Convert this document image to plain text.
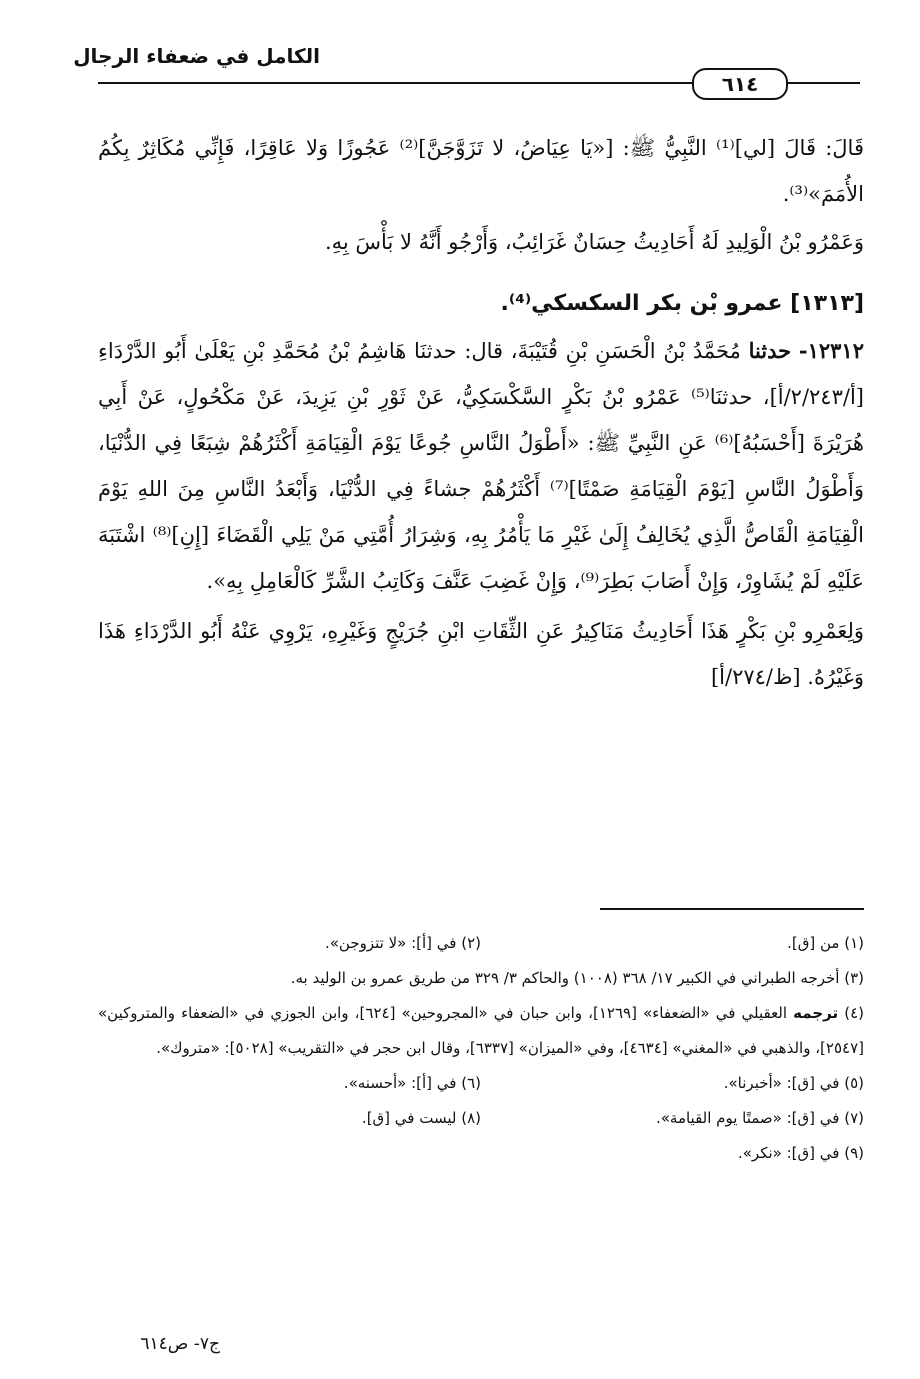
الكامل في ضعفاء الرجال
٦١٤

قَالَ: قَالَ [لي]⁽¹⁾ النَّبِيُّ ﷺ: [«يَا عِيَاضُ، لا تَزَوَّجَنَّ]⁽²⁾ عَجُوزًا وَلا عَاقِرًا، فَإِنِّي مُكَاثِرٌ بِكُمُ الأُمَمَ»⁽³⁾.

وَعَمْرُو بْنُ الْوَلِيدِ لَهُ أَحَادِيثُ حِسَانٌ غَرَائِبُ، وَأَرْجُو أَنَّهُ لا بَأْسَ بِهِ.

[١٣١٣] عمرو بْن بكر السكسكي⁽⁴⁾.

١٢٣١٢- حدثنا مُحَمَّدُ بْنُ الْحَسَنِ بْنِ قُتَيْبَةَ، قال: حدثنَا هَاشِمُ بْنُ مُحَمَّدِ بْنِ يَعْلَىٰ أَبُو الدَّرْدَاءِ [أ/٢/٢٤٣/أ]، حدثنَا⁽⁵⁾ عَمْرُو بْنُ بَكْرٍ السَّكْسَكِيُّ، عَنْ ثَوْرِ بْنِ يَزِيدَ، عَنْ مَكْحُولٍ، عَنْ أَبِي هُرَيْرَةَ [أَحْسَبُهُ]⁽⁶⁾ عَنِ النَّبِيِّ ﷺ: «أَطْوَلُ النَّاسِ جُوعًا يَوْمَ الْقِيَامَةِ أَكْثَرُهُمْ شِبَعًا فِي الدُّنْيَا، وَأَطْوَلُ النَّاسِ [يَوْمَ الْقِيَامَةِ صَمْتًا]⁽⁷⁾ أَكْثَرُهُمْ جشاءً فِي الدُّنْيَا، وَأَبْعَدُ النَّاسِ مِنَ اللهِ يَوْمَ الْقِيَامَةِ الْقَاصُّ الَّذِي يُخَالِفُ إِلَىٰ غَيْرِ مَا يَأْمُرُ بِهِ، وَشِرَارُ أُمَّتِي مَنْ يَلِي الْقَضَاءَ [إِنِ]⁽⁸⁾ اشْتَبَهَ عَلَيْهِ لَمْ يُشَاوِرْ، وَإِنْ أَصَابَ بَطِرَ⁽⁹⁾، وَإِنْ غَضِبَ عَنَّفَ وَكَاتِبُ الشَّرِّ كَالْعَامِلِ بِهِ».

وَلِعَمْرِو بْنِ بَكْرٍ هَذَا أَحَادِيثُ مَنَاكِيرُ عَنِ الثِّقَاتِ ابْنِ جُرَيْجٍ وَغَيْرِهِ، يَرْوِي عَنْهُ أَبُو الدَّرْدَاءِ هَذَا وَغَيْرُهُ. [ظ/٢٧٤/أ]

(١) من [ق].
(٢) في [أ]: «لا تتزوجن».
(٣) أخرجه الطبراني في الكبير ١٧/ ٣٦٨ (١٠٠٨) والحاكم ٣/ ٣٢٩ من طريق عمرو بن الوليد به.
(٤) ترجمه العقيلي في «الضعفاء» [١٢٦٩]، وابن حبان في «المجروحين» [٦٢٤]، وابن الجوزي في «الضعفاء والمتروكين» [٢٥٤٧]، والذهبي في «المغني» [٤٦٣٤]، وفي «الميزان» [٦٣٣٧]، وقال ابن حجر في «التقريب» [٥٠٢٨]: «متروك».
(٥) في [ق]: «أخبرنا».
(٦) في [أ]: «أحسنه».
(٧) في [ق]: «صمتًا يوم القيامة».
(٨) ليست في [ق].
(٩) في [ق]: «نكر».
ج٧- ص٦١٤
